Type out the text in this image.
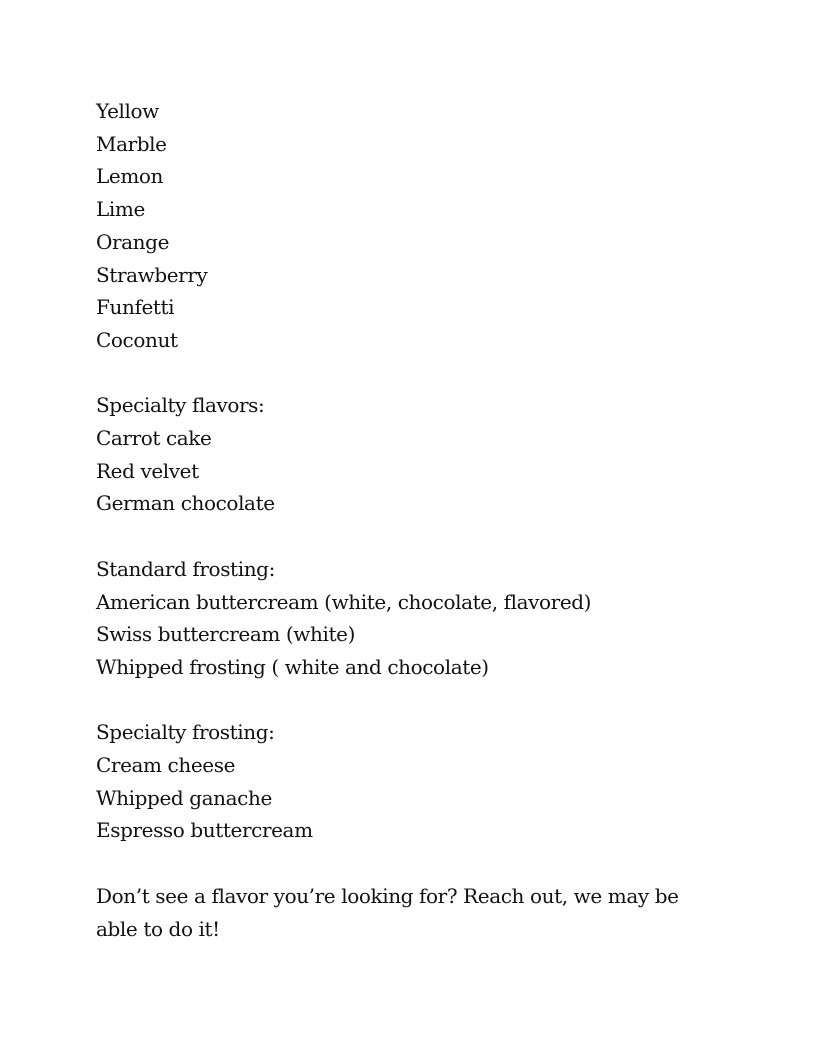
Yellow
Marble
Lemon
Lime
Orange
Strawberry
Funfetti
Coconut
Specialty flavors:
Carrot cake
Red velvet
German chocolate
Standard frosting:
American buttercream (white, chocolate, flavored)
Swiss buttercream (white)
Whipped frosting ( white and chocolate)
Specialty frosting:
Cream cheese
Whipped ganache
Espresso buttercream
Don’t see a flavor you’re looking for? Reach out, we may be able to do it!
